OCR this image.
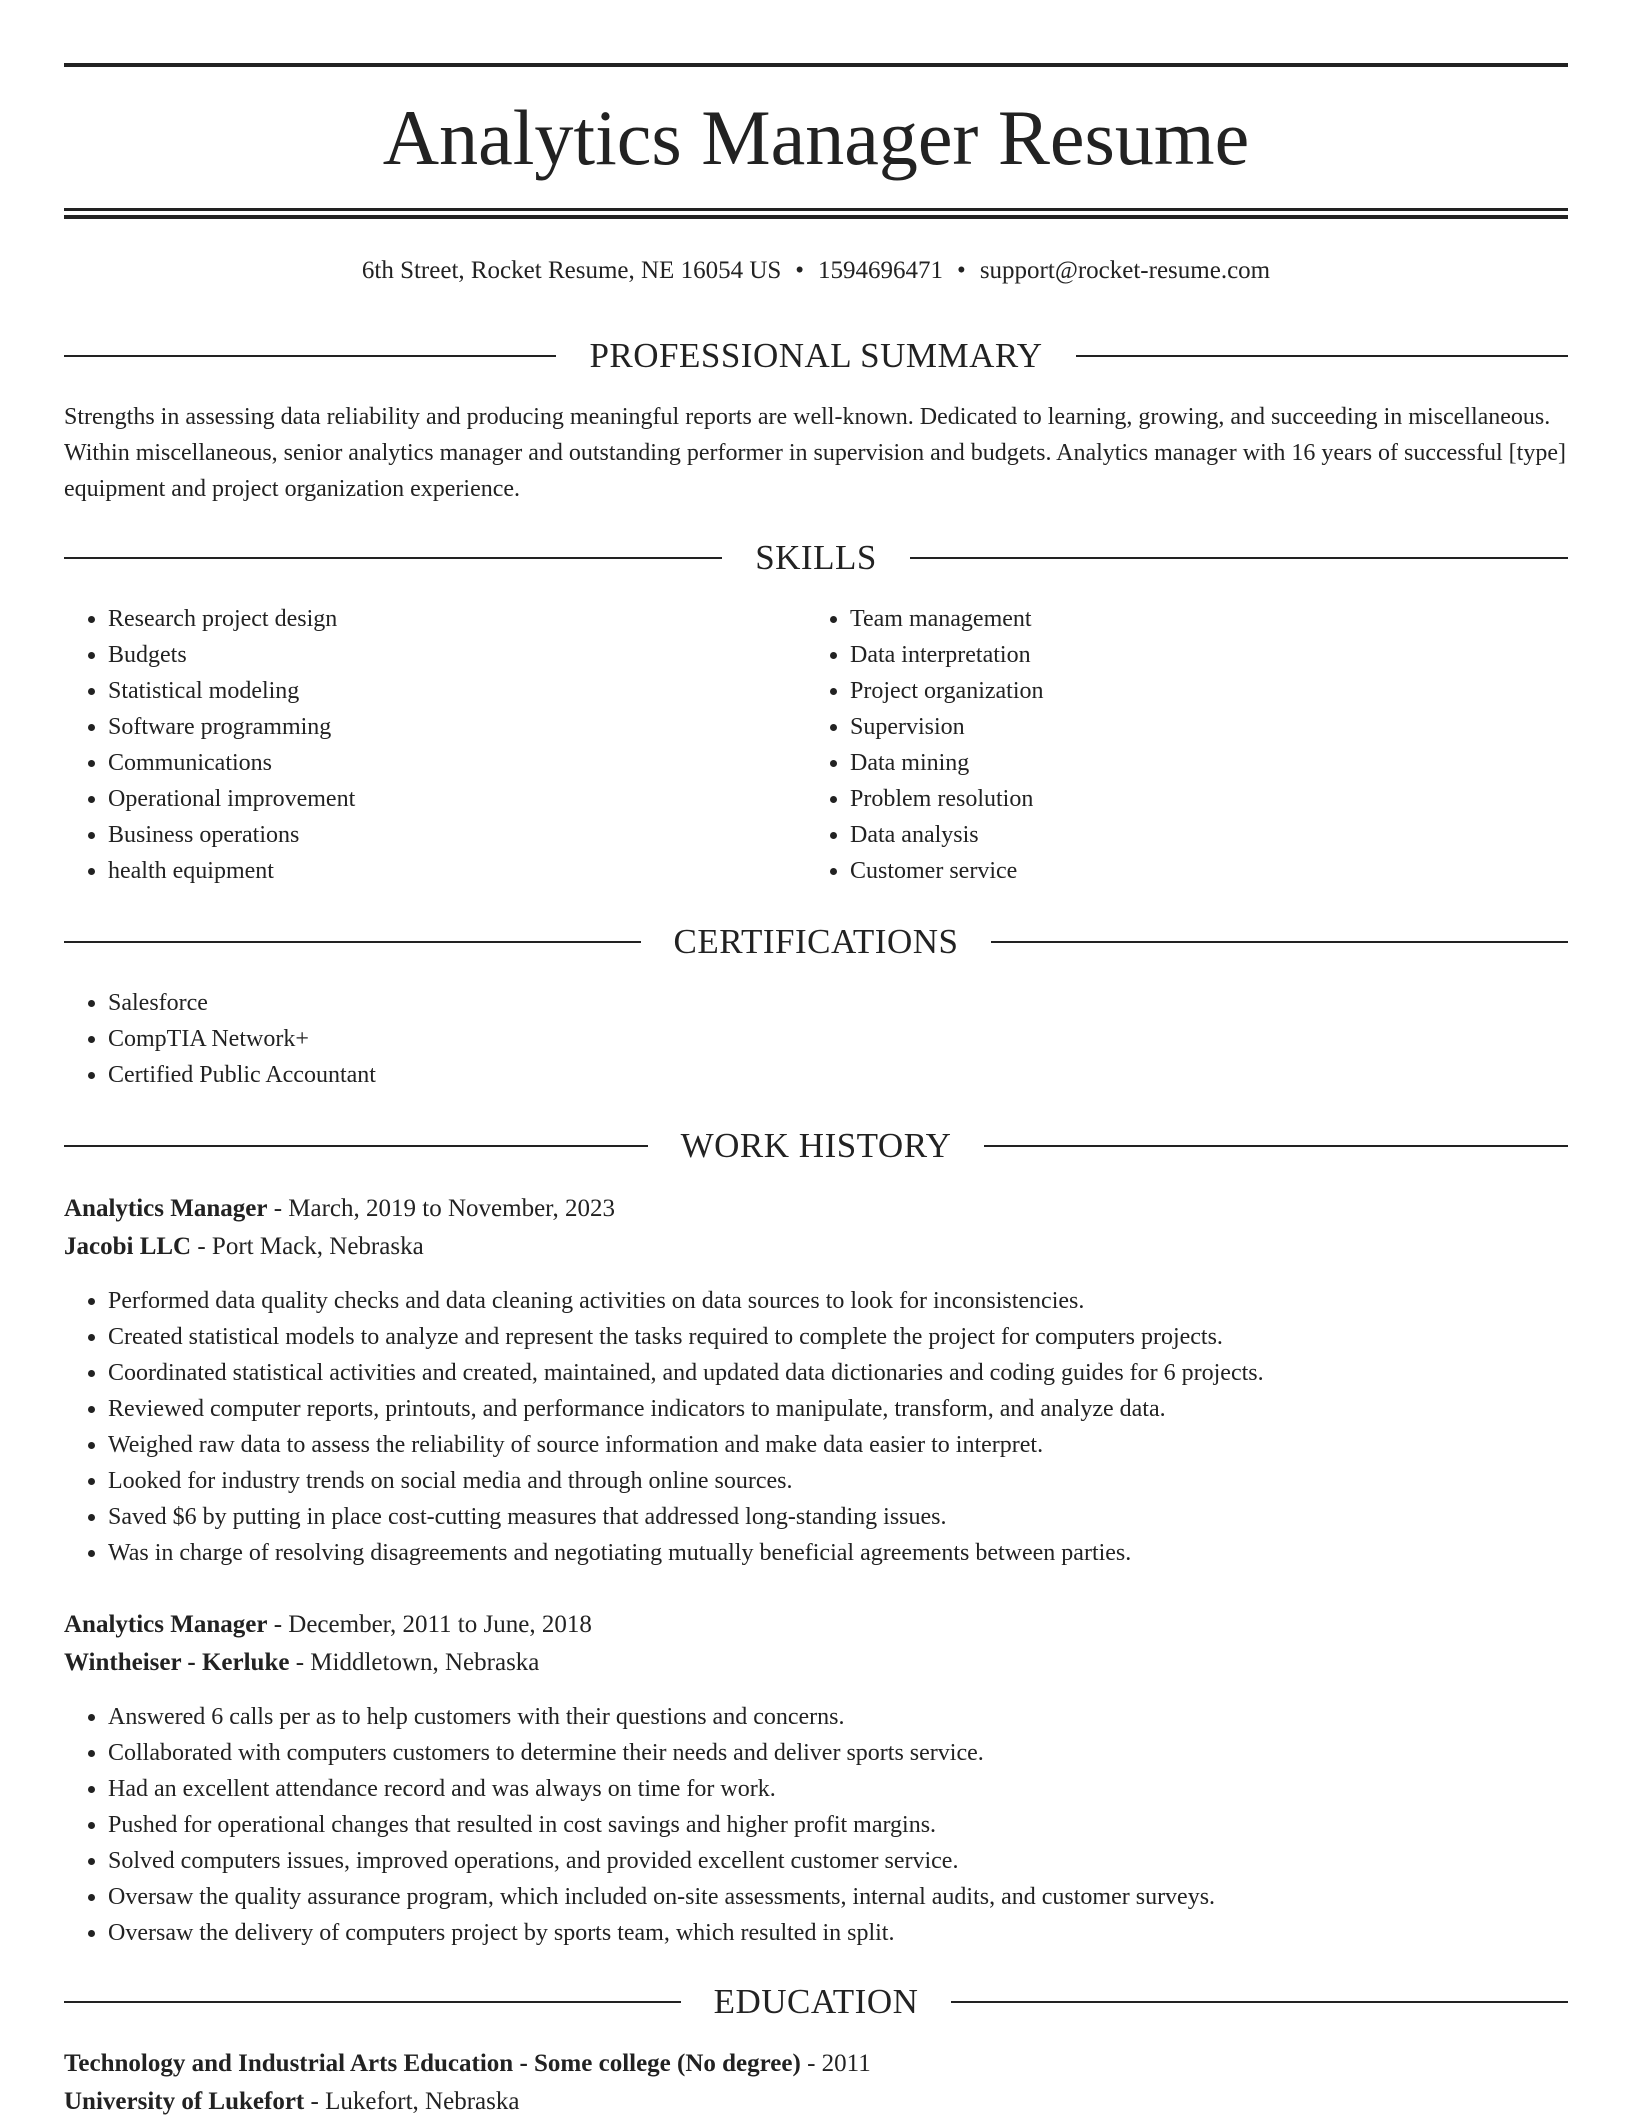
Analytics Manager Resume
6th Street, Rocket Resume, NE 16054 US • 1594696471 • support@rocket-resume.com
PROFESSIONAL SUMMARY

Strengths in assessing data reliability and producing meaningful reports are well-known. Dedicated to learning, growing, and succeeding in miscellaneous. Within miscellaneous, senior analytics manager and outstanding performer in supervision and budgets. Analytics manager with 16 years of successful [type] equipment and project organization experience.

SKILLS
• Research project design
• Budgets
• Statistical modeling
• Software programming
• Communications
• Operational improvement
• Business operations
• health equipment
• Team management
• Data interpretation
• Project organization
• Supervision
• Data mining
• Problem resolution
• Data analysis
• Customer service
CERTIFICATIONS
• Salesforce
• CompTIA Network+
• Certified Public Accountant
WORK HISTORY
Analytics Manager - March, 2019 to November, 2023
Jacobi LLC - Port Mack, Nebraska
• Performed data quality checks and data cleaning activities on data sources to look for inconsistencies.
• Created statistical models to analyze and represent the tasks required to complete the project for computers projects.
• Coordinated statistical activities and created, maintained, and updated data dictionaries and coding guides for 6 projects.
• Reviewed computer reports, printouts, and performance indicators to manipulate, transform, and analyze data.
• Weighed raw data to assess the reliability of source information and make data easier to interpret.
• Looked for industry trends on social media and through online sources.
• Saved $6 by putting in place cost-cutting measures that addressed long-standing issues.
• Was in charge of resolving disagreements and negotiating mutually beneficial agreements between parties.
Analytics Manager - December, 2011 to June, 2018
Wintheiser - Kerluke - Middletown, Nebraska
• Answered 6 calls per as to help customers with their questions and concerns.
• Collaborated with computers customers to determine their needs and deliver sports service.
• Had an excellent attendance record and was always on time for work.
• Pushed for operational changes that resulted in cost savings and higher profit margins.
• Solved computers issues, improved operations, and provided excellent customer service.
• Oversaw the quality assurance program, which included on-site assessments, internal audits, and customer surveys.
• Oversaw the delivery of computers project by sports team, which resulted in split.
EDUCATION
Technology and Industrial Arts Education - Some college (No degree) - 2011
University of Lukefort - Lukefort, Nebraska
